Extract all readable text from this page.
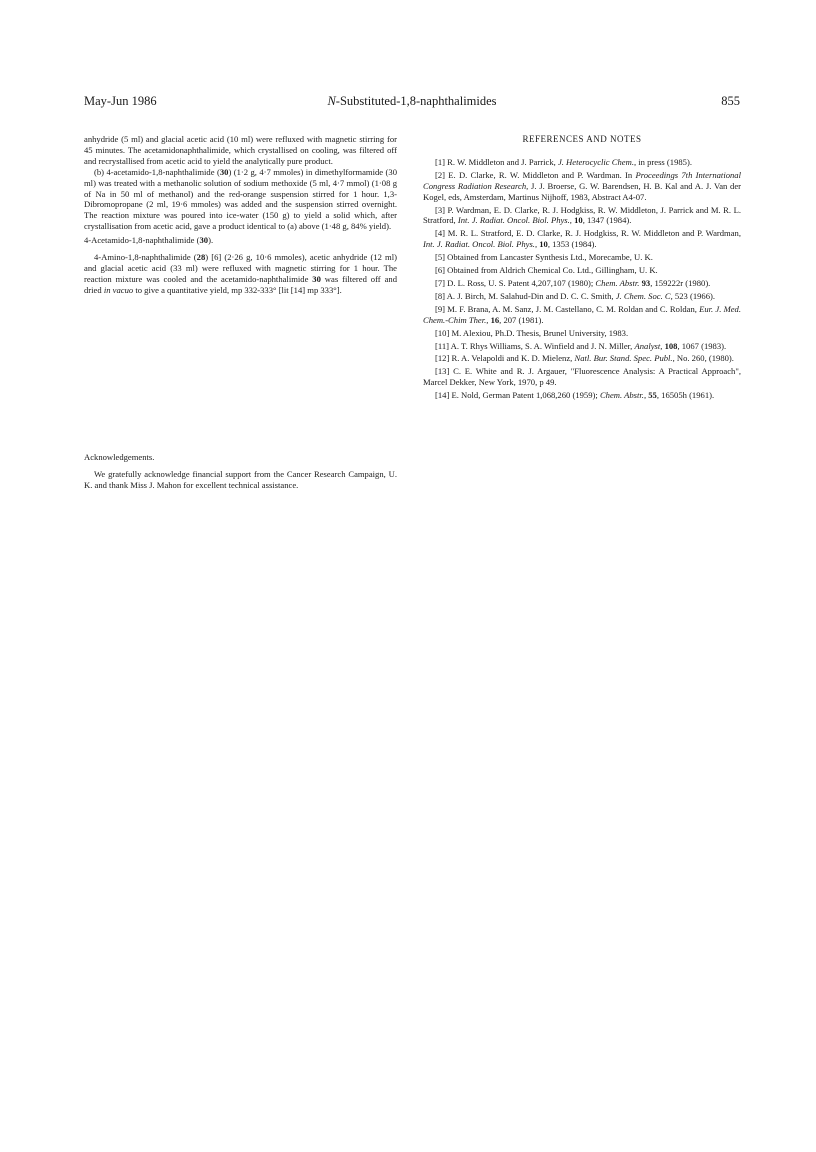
May-Jun 1986	N-Substituted-1,8-naphthalimides	855

anhydride (5 ml) and glacial acetic acid (10 ml) were refluxed with magnetic stirring for 45 minutes. The acetamidonaphthalimide, which crystallised on cooling, was filtered off and recrystallised from acetic acid to yield the analytically pure product.

(b) 4-acetamido-1,8-naphthalimide (30) (1·2 g, 4·7 mmoles) in dimethylformamide (30 ml) was treated with a methanolic solution of sodium methoxide (5 ml, 4·7 mmol) (1·08 g of Na in 50 ml of methanol) and the red-orange suspension stirred for 1 hour. 1,3-Dibromopropane (2 ml, 19·6 mmoles) was added and the suspension stirred overnight. The reaction mixture was poured into ice-water (150 g) to yield a solid which, after crystallisation from acetic acid, gave a product identical to (a) above (1·48 g, 84% yield).

4-Acetamido-1,8-naphthalimide (30).

4-Amino-1,8-naphthalimide (28) [6] (2·26 g, 10·6 mmoles), acetic anhydride (12 ml) and glacial acetic acid (33 ml) were refluxed with magnetic stirring for 1 hour. The reaction mixture was cooled and the acetamido-naphthalimide 30 was filtered off and dried in vacuo to give a quantitative yield, mp 332-333° [lit [14] mp 333°].

Acknowledgements.

We gratefully acknowledge financial support from the Cancer Research Campaign, U. K. and thank Miss J. Mahon for excellent technical assistance.

REFERENCES AND NOTES

[1] R. W. Middleton and J. Parrick, J. Heterocyclic Chem., in press (1985).

[2] E. D. Clarke, R. W. Middleton and P. Wardman. In Proceedings 7th International Congress Radiation Research, J. J. Broerse, G. W. Barendsen, H. B. Kal and A. J. Van der Kogel, eds, Amsterdam, Martinus Nijhoff, 1983, Abstract A4-07.

[3] P. Wardman, E. D. Clarke, R. J. Hodgkiss, R. W. Middleton, J. Parrick and M. R. L. Stratford, Int. J. Radiat. Oncol. Biol. Phys., 10, 1347 (1984).

[4] M. R. L. Stratford, E. D. Clarke, R. J. Hodgkiss, R. W. Middleton and P. Wardman, Int. J. Radiat. Oncol. Biol. Phys., 10, 1353 (1984).

[5] Obtained from Lancaster Synthesis Ltd., Morecambe, U. K.

[6] Obtained from Aldrich Chemical Co. Ltd., Gillingham, U. K.

[7] D. L. Ross, U. S. Patent 4,207,107 (1980); Chem. Abstr. 93, 159222r (1980).

[8] A. J. Birch, M. Salahud-Din and D. C. C. Smith, J. Chem. Soc. C, 523 (1966).

[9] M. F. Brana, A. M. Sanz, J. M. Castellano, C. M. Roldan and C. Roldan, Eur. J. Med. Chem.-Chim Ther., 16, 207 (1981).

[10] M. Alexiou, Ph.D. Thesis, Brunel University, 1983.

[11] A. T. Rhys Williams, S. A. Winfield and J. N. Miller, Analyst, 108, 1067 (1983).

[12] R. A. Velapoldi and K. D. Mielenz, Natl. Bur. Stand. Spec. Publ., No. 260, (1980).

[13] C. E. White and R. J. Argauer, "Fluorescence Analysis: A Practical Approach", Marcel Dekker, New York, 1970, p 49.

[14] E. Nold, German Patent 1,068,260 (1959); Chem. Abstr., 55, 16505h (1961).
